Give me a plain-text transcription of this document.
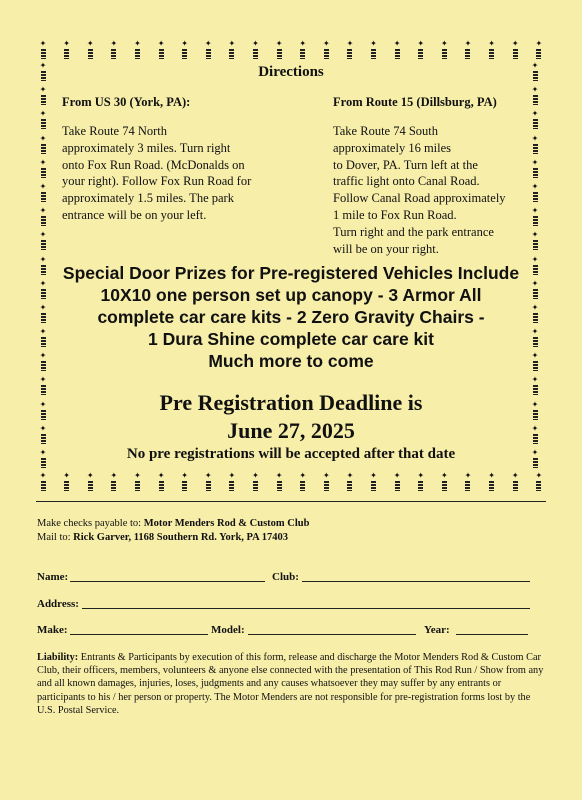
✦ ✦ ✦ ✦ ✦ ✦ ✦ ✦ ✦ ✦ ✦ ✦ ✦ ✦ ✦ ✦ ✦ ✦ ✦ ✦ ✦ ✦
✦ ✦ ✦ ✦ ✦ ✦ ✦ ✦ ✦ ✦ ✦ ✦ ✦ ✦ ✦ ✦ ✦ ✦ ✦ ✦ ✦ ✦
✦
✦
✦
✦
✦
✦
✦
✦
✦
✦
✦
✦
✦
✦
✦
✦
✦
✦
✦
✦
✦
✦
✦
✦
✦
✦
✦
✦
✦
✦
✦
✦
✦
✦
Directions
From US 30 (York, PA):
Take Route 74 North
approximately 3 miles. Turn right
onto Fox Run Road. (McDonalds on
your right). Follow Fox Run Road for
approximately 1.5 miles. The park
entrance will be on your left.
From Route 15 (Dillsburg, PA)
Take Route 74 South
approximately 16 miles
to Dover, PA. Turn left at the
traffic light onto Canal Road.
Follow Canal Road approximately
1 mile to Fox Run Road.
Turn right and the park entrance
will be on your right.
Special Door Prizes for Pre-registered Vehicles Include
10X10 one person set up canopy - 3 Armor All
complete car care kits - 2 Zero Gravity Chairs -
1 Dura Shine complete car care kit
Much more to come
Pre Registration Deadline is
June 27, 2025
No pre registrations will be accepted after that date
Make checks payable to: Motor Menders Rod & Custom Club
Mail to: Rick Garver, 1168 Southern Rd. York, PA 17403
Name:	Club:
Address:
Make:	Model:	Year:
Liability: Entrants & Participants by execution of this form, release and discharge the Motor Menders Rod & Custom Car Club, their officers, members, volunteers & anyone else connected with the presentation of This Rod Run / Show from any and all known damages, injuries, loses, judgments and any causes whatsoever they may suffer by any entrants or participants to his / her person or property. The Motor Menders are not responsible for pre-registration forms lost by the U.S. Postal Service.
